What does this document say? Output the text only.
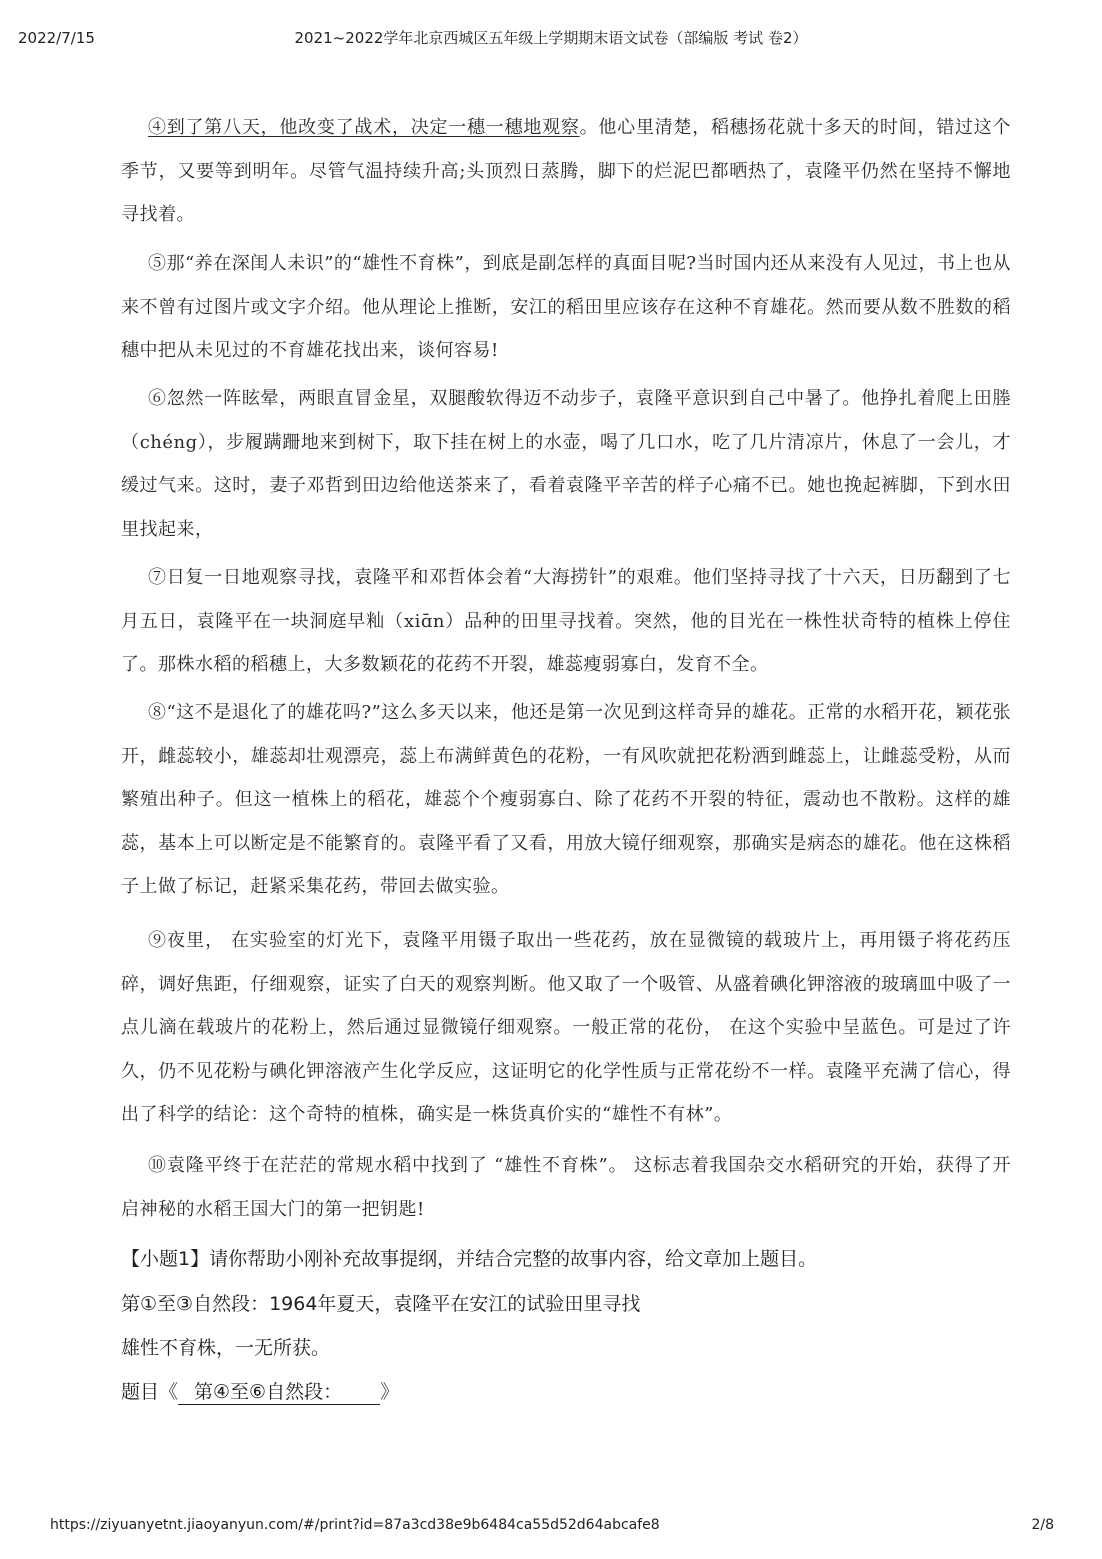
2022/7/15	2021~2022学年北京西城区五年级上学期期末语文试卷（部编版 考试 卷2）

④到了第八天，他改变了战术，决定一穗一穗地观察。他心里清楚，稻穗扬花就十多天的时间，错过这个季节，又要等到明年。尽管气温持续升高;头顶烈日蒸腾，脚下的烂泥巴都晒热了，袁隆平仍然在坚持不懈地寻找着。

⑤那“养在深闺人未识”的“雄性不育株”，到底是副怎样的真面目呢?当时国内还从来没有人见过，书上也从来不曾有过图片或文字介绍。他从理论上推断，安江的稻田里应该存在这种不育雄花。然而要从数不胜数的稻穗中把从未见过的不育雄花找出来，谈何容易!

⑥忽然一阵眩晕，两眼直冒金星，双腿酸软得迈不动步子，袁隆平意识到自己中暑了。他挣扎着爬上田塍（chéng），步履蹒跚地来到树下，取下挂在树上的水壶，喝了几口水，吃了几片清凉片，休息了一会儿，才缓过气来。这时，妻子邓哲到田边给他送茶来了，看着袁隆平辛苦的样子心痛不已。她也挽起裤脚，下到水田里找起来，

⑦日复一日地观察寻找，袁隆平和邓哲体会着“大海捞针”的艰难。他们坚持寻找了十六天，日历翻到了七月五日，袁隆平在一块洞庭早籼（xiɑ̄n）品种的田里寻找着。突然，他的目光在一株性状奇特的植株上停住了。那株水稻的稻穗上，大多数颖花的花药不开裂，雄蕊瘦弱寡白，发育不全。

⑧“这不是退化了的雄花吗?”这么多天以来，他还是第一次见到这样奇异的雄花。正常的水稻开花，颖花张开，雌蕊较小，雄蕊却壮观漂亮，蕊上布满鲜黄色的花粉，一有风吹就把花粉洒到雌蕊上，让雌蕊受粉，从而繁殖出种子。但这一植株上的稻花，雄蕊个个瘦弱寡白、除了花药不开裂的特征，震动也不散粉。这样的雄蕊，基本上可以断定是不能繁育的。袁隆平看了又看，用放大镜仔细观察，那确实是病态的雄花。他在这株稻子上做了标记，赶紧采集花药，带回去做实验。

⑨夜里， 在实验室的灯光下，袁隆平用镊子取出一些花药，放在显微镜的载玻片上，再用镊子将花药压碎，调好焦距，仔细观察，证实了白天的观察判断。他又取了一个吸管、从盛着碘化钾溶液的玻璃皿中吸了一点儿滴在载玻片的花粉上，然后通过显微镜仔细观察。一般正常的花份， 在这个实验中呈蓝色。可是过了许久，仍不见花粉与碘化钾溶液产生化学反应，这证明它的化学性质与正常花纷不一样。袁隆平充满了信心，得出了科学的结论：这个奇特的植株，确实是一株货真价实的“雄性不有林”。

⑩袁隆平终于在茫茫的常规水稻中找到了 “雄性不育株”。 这标志着我国杂交水稻研究的开始，获得了开启神秘的水稻王国大门的第一把钥匙!

【小题1】请你帮助小刚补充故事提纲，并结合完整的故事内容，给文章加上题目。

第①至③自然段：1964年夏天，袁隆平在安江的试验田里寻找

雄性不育株，一无所获。

题目《 第④至⑥自然段： 》

https://ziyuanyetnt.jiaoyanyun.com/#/print?id=87a3cd38e9b6484ca55d52d64abcafe8	2/8
